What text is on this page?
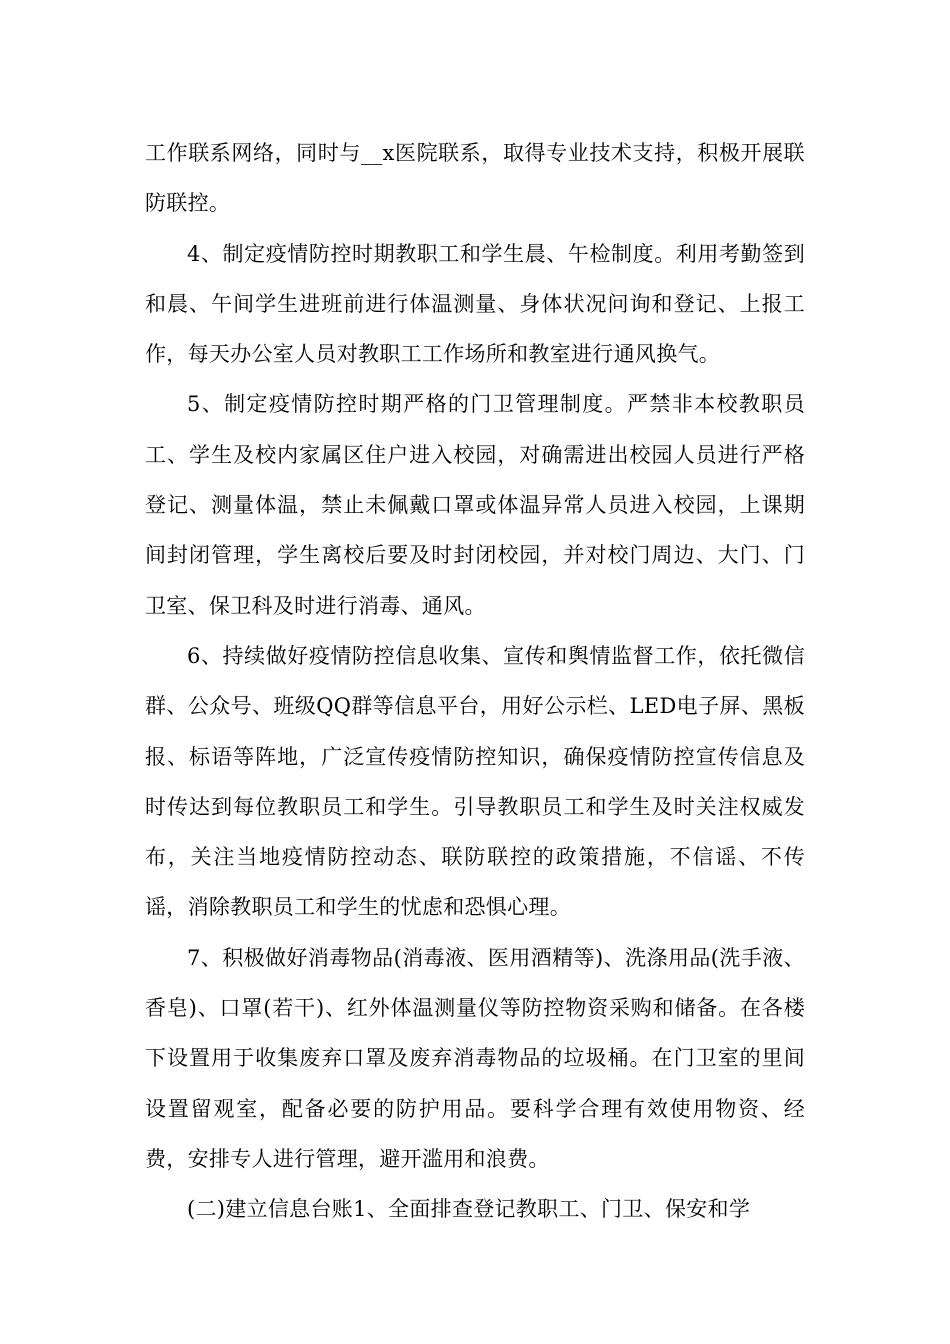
工作联系网络，同时与__x医院联系，取得专业技术支持，积极开展联防联控。

4、制定疫情防控时期教职工和学生晨、午检制度。利用考勤签到和晨、午间学生进班前进行体温测量、身体状况问询和登记、上报工作，每天办公室人员对教职工工作场所和教室进行通风换气。

5、制定疫情防控时期严格的门卫管理制度。严禁非本校教职员工、学生及校内家属区住户进入校园，对确需进出校园人员进行严格登记、测量体温，禁止未佩戴口罩或体温异常人员进入校园，上课期间封闭管理，学生离校后要及时封闭校园，并对校门周边、大门、门卫室、保卫科及时进行消毒、通风。

6、持续做好疫情防控信息收集、宣传和舆情监督工作，依托微信群、公众号、班级QQ群等信息平台，用好公示栏、LED电子屏、黑板报、标语等阵地，广泛宣传疫情防控知识，确保疫情防控宣传信息及时传达到每位教职员工和学生。引导教职员工和学生及时关注权威发布，关注当地疫情防控动态、联防联控的政策措施，不信谣、不传谣，消除教职员工和学生的忧虑和恐惧心理。

7、积极做好消毒物品(消毒液、医用酒精等)、洗涤用品(洗手液、香皂)、口罩(若干)、红外体温测量仪等防控物资采购和储备。在各楼下设置用于收集废弃口罩及废弃消毒物品的垃圾桶。在门卫室的里间设置留观室，配备必要的防护用品。要科学合理有效使用物资、经费，安排专人进行管理，避开滥用和浪费。

(二)建立信息台账1、全面排查登记教职工、门卫、保安和学
